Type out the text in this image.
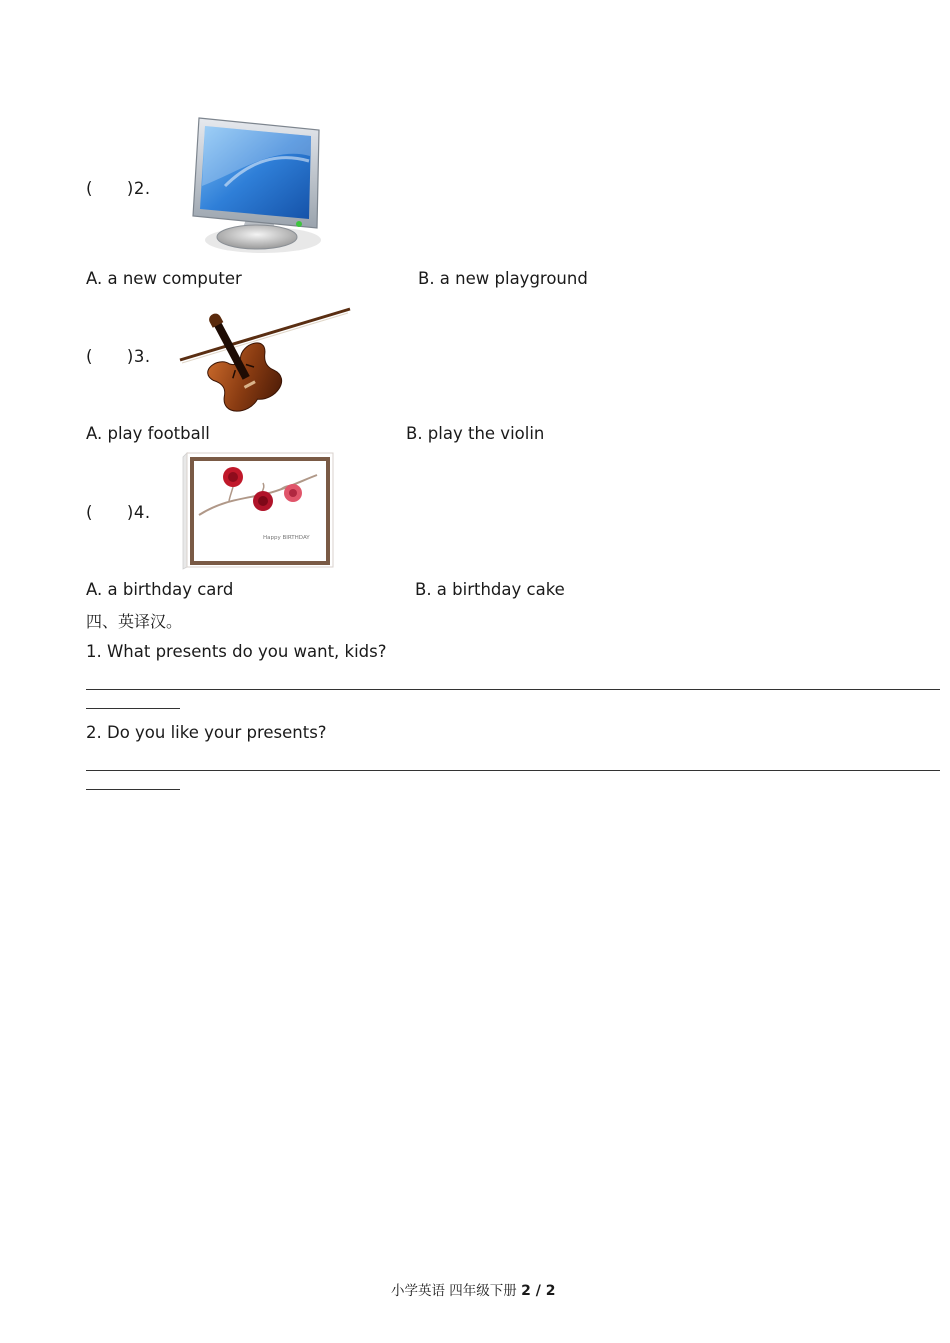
(　　)2.
A. a new computer	B. a new playground
(　　)3.
A. play football	B. play the violin
(　　)4.
Happy BIRTHDAY
A. a birthday card	B. a birthday cake
四、英译汉。
1. What presents do you want, kids?
2. Do you like your presents?
小学英语 四年级下册 2 / 2
